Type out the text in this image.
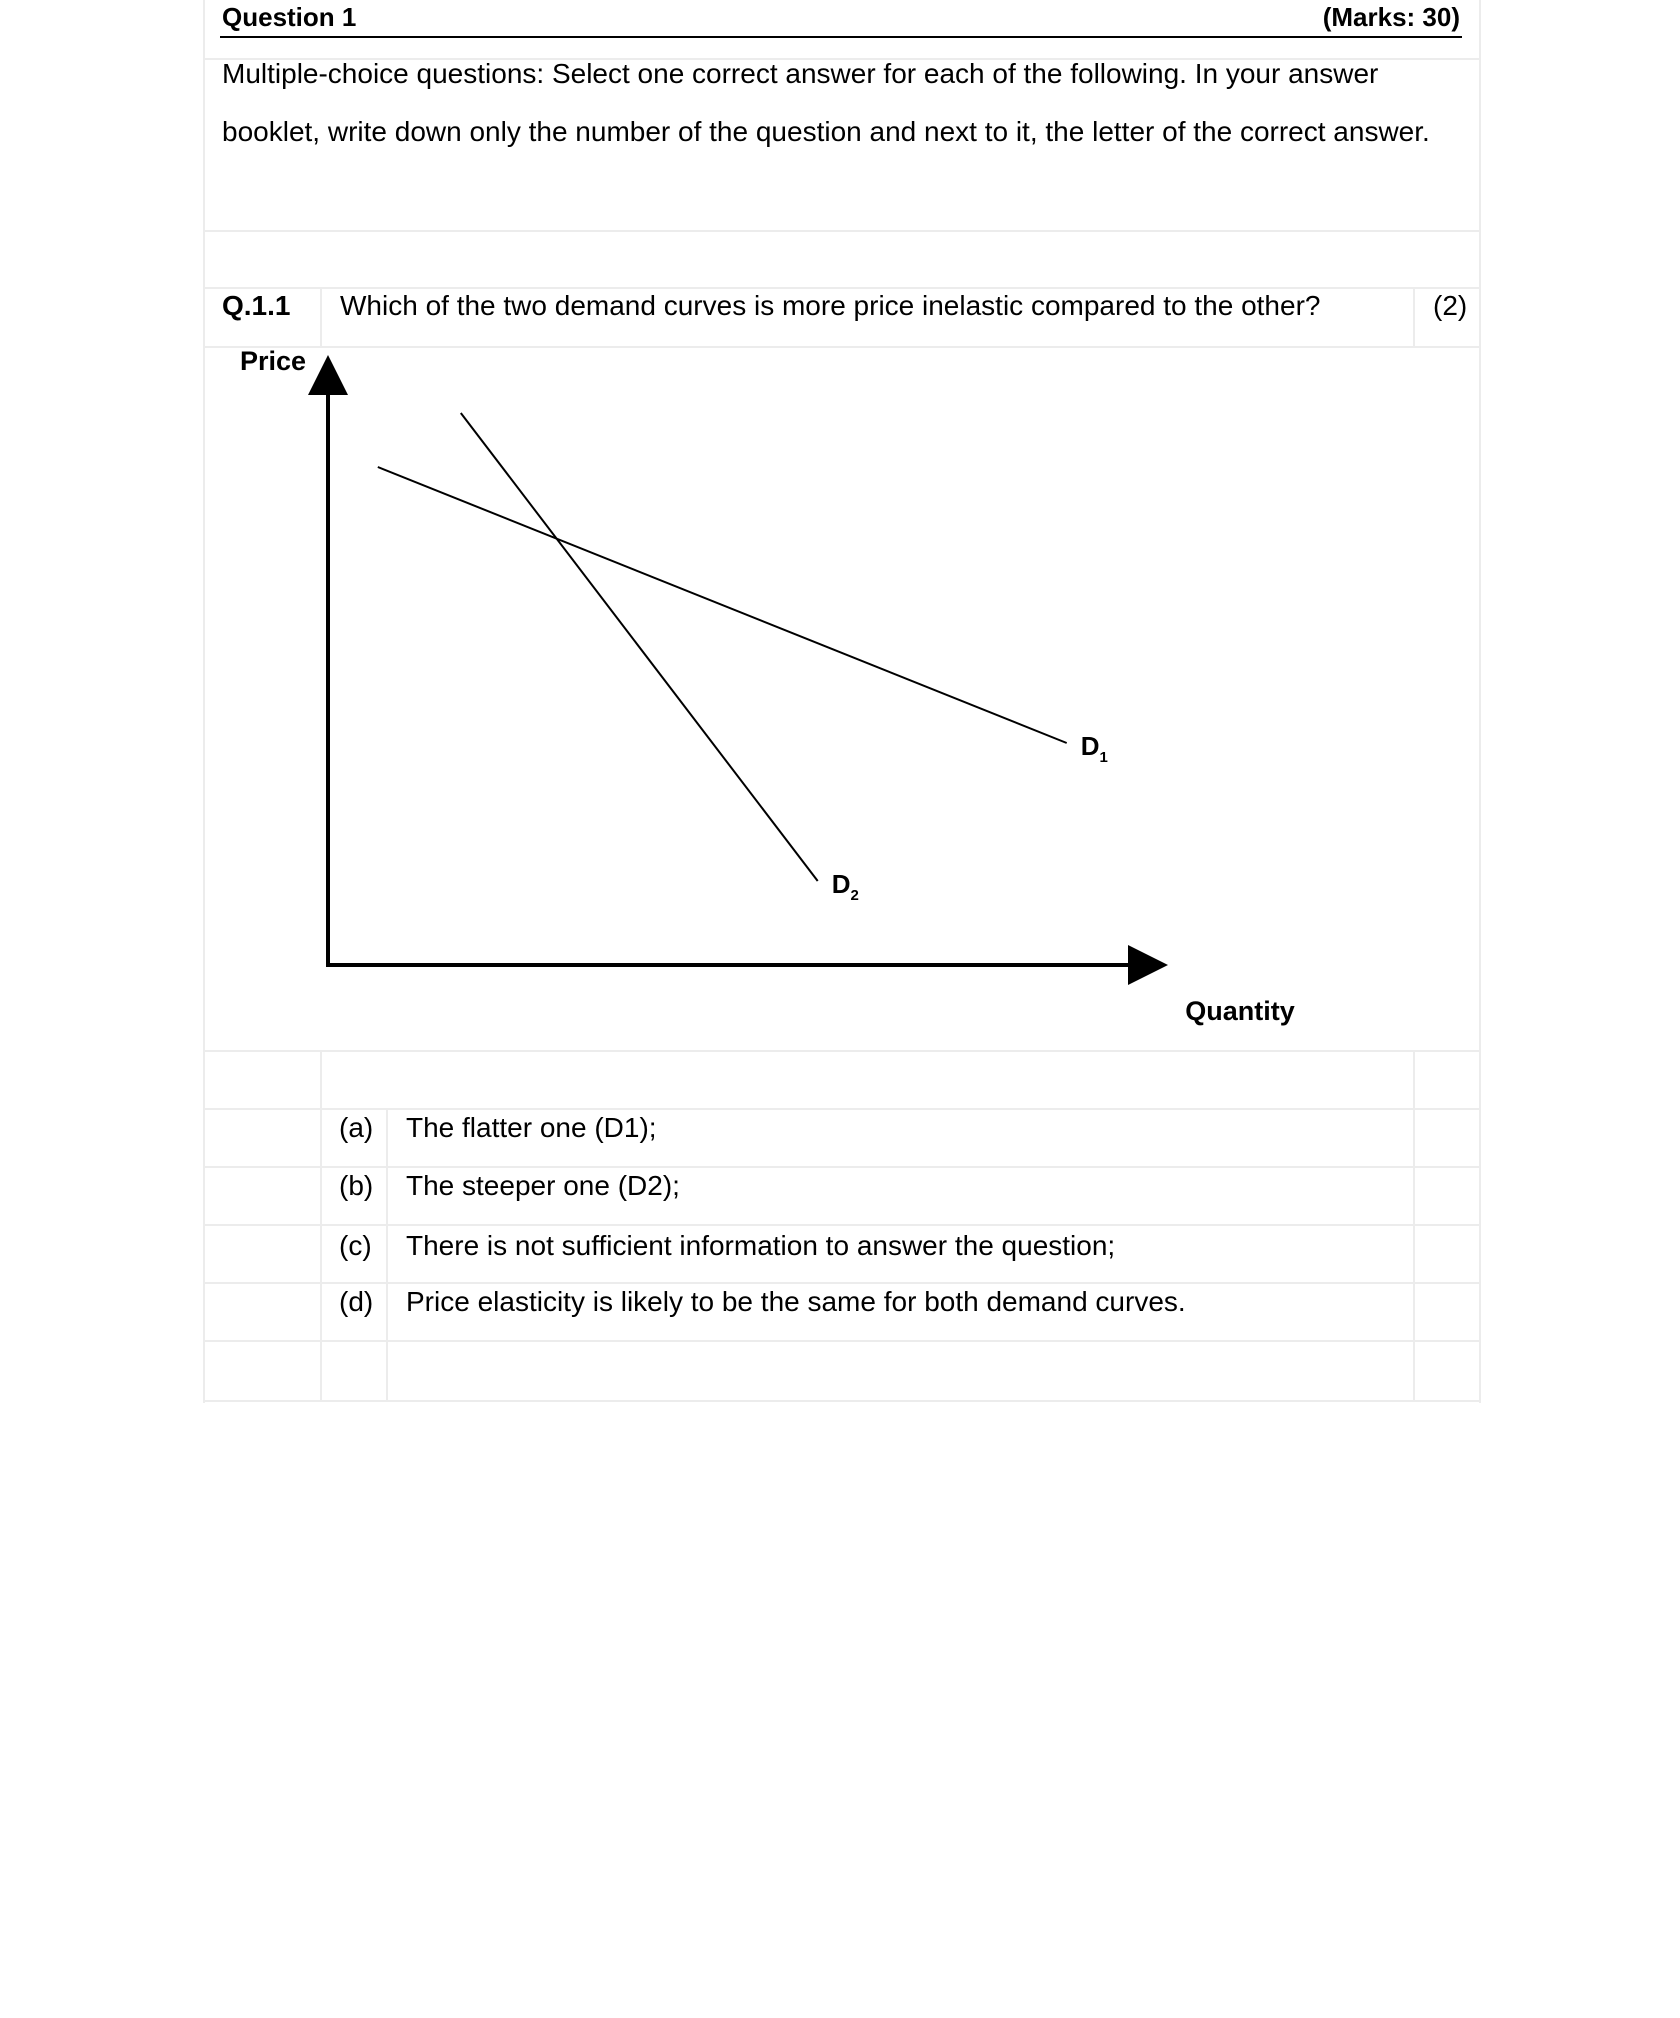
Question 1	(Marks: 30)
Multiple-choice questions: Select one correct answer for each of the following. In your answer booklet, write down only the number of the question and next to it, the letter of the correct answer.
Q.1.1 Which of the two demand curves is more price inelastic compared to the other?	(2)
Price
Quantity
$D_1$
$D_2$
(a) The flatter one (D1);
(b) The steeper one (D2);
(c) There is not sufficient information to answer the question;
(d) Price elasticity is likely to be the same for both demand curves.
